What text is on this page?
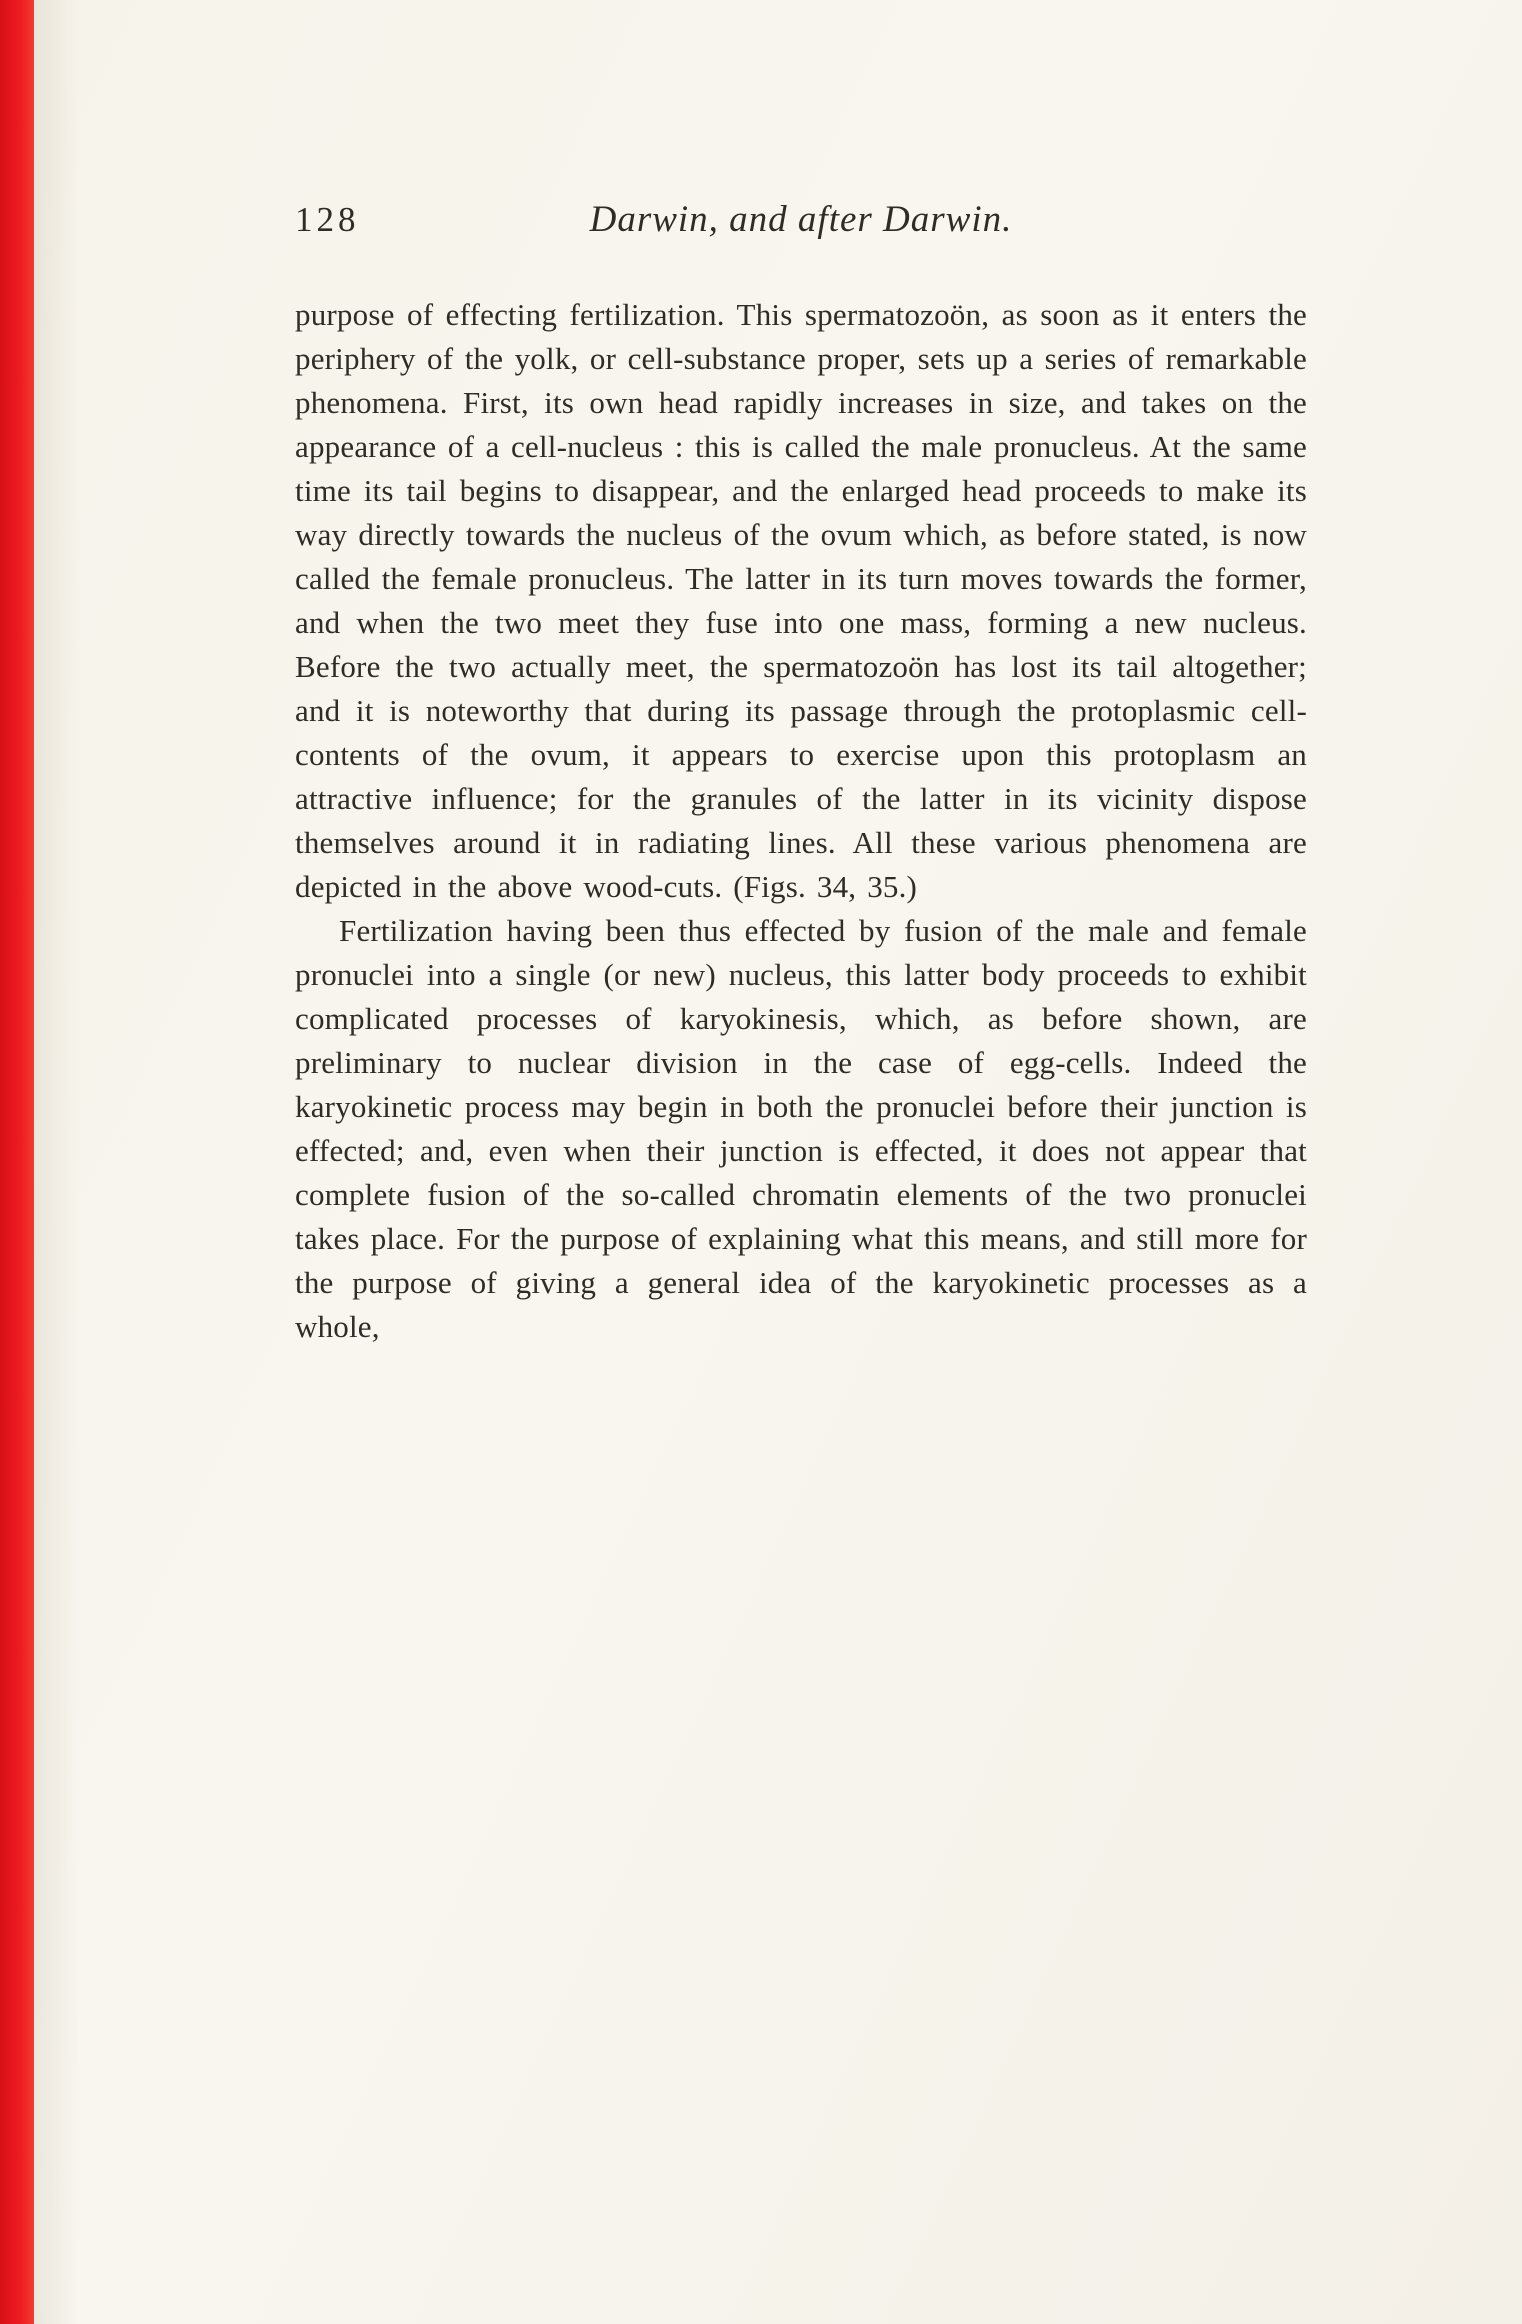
128	Darwin, and after Darwin.

purpose of effecting fertilization. This spermatozoön, as soon as it enters the periphery of the yolk, or cell-substance proper, sets up a series of remarkable phenomena. First, its own head rapidly increases in size, and takes on the appearance of a cell-nucleus : this is called the male pronucleus. At the same time its tail begins to disappear, and the enlarged head proceeds to make its way directly towards the nucleus of the ovum which, as before stated, is now called the female pronucleus. The latter in its turn moves towards the former, and when the two meet they fuse into one mass, forming a new nucleus. Before the two actually meet, the spermatozoön has lost its tail altogether; and it is noteworthy that during its passage through the protoplasmic cell-contents of the ovum, it appears to exercise upon this protoplasm an attractive influence; for the granules of the latter in its vicinity dispose themselves around it in radiating lines. All these various phenomena are depicted in the above wood-cuts. (Figs. 34, 35.)

Fertilization having been thus effected by fusion of the male and female pronuclei into a single (or new) nucleus, this latter body proceeds to exhibit complicated processes of karyokinesis, which, as before shown, are preliminary to nuclear division in the case of egg-cells. Indeed the karyokinetic process may begin in both the pronuclei before their junction is effected; and, even when their junction is effected, it does not appear that complete fusion of the so-called chromatin elements of the two pronuclei takes place. For the purpose of explaining what this means, and still more for the purpose of giving a general idea of the karyokinetic processes as a whole,
